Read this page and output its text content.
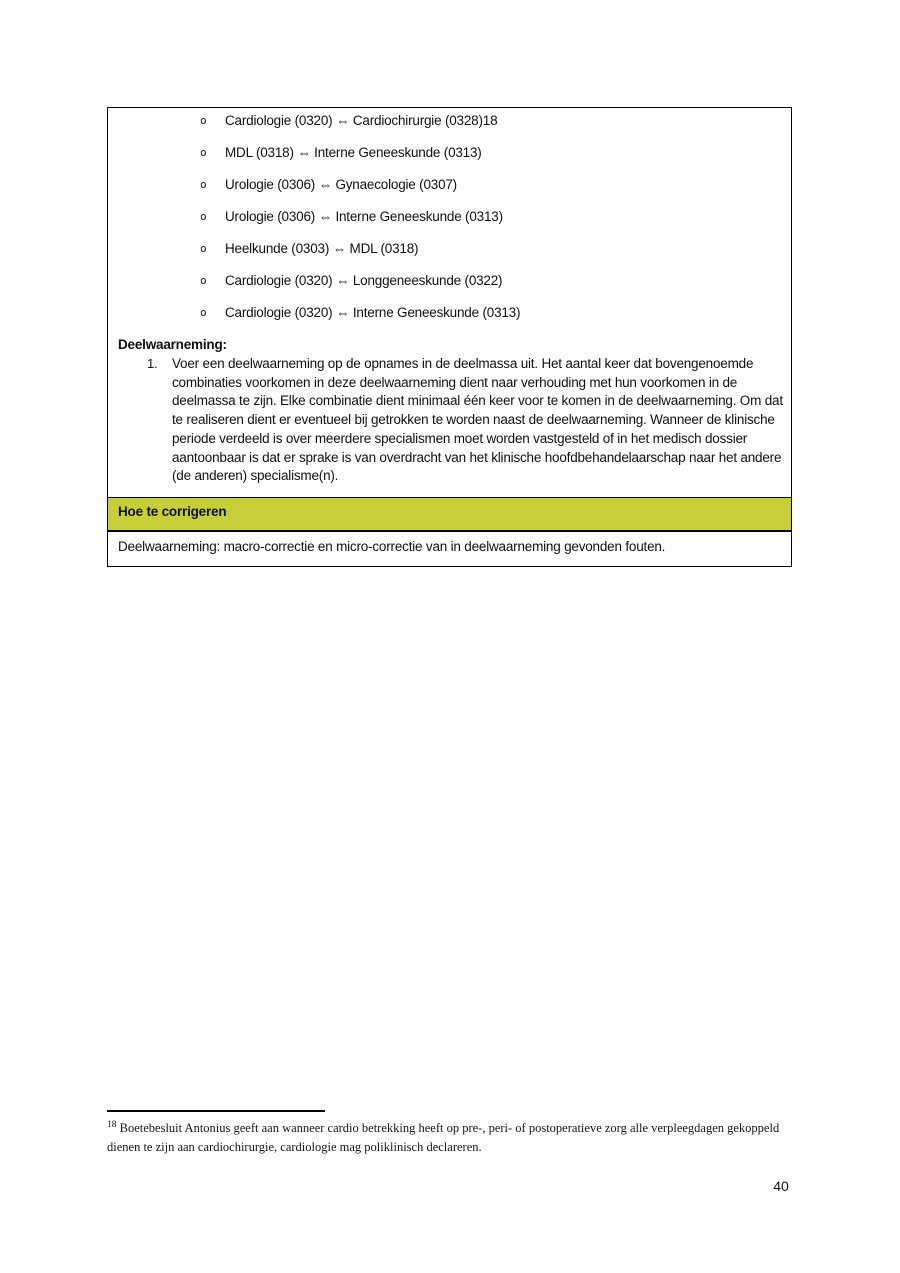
o Cardiologie (0320) ⇔ Cardiochirurgie (0328)18
o MDL (0318) ⇔ Interne Geneeskunde (0313)
o Urologie (0306) ⇔ Gynaecologie (0307)
o Urologie (0306) ⇔ Interne Geneeskunde (0313)
o Heelkunde (0303) ⇔ MDL (0318)
o Cardiologie (0320) ⇔ Longgeneeskunde (0322)
o Cardiologie (0320) ⇔ Interne Geneeskunde (0313)
Deelwaarneming:
1.	Voer een deelwaarneming op de opnames in de deelmassa uit. Het aantal keer dat bovengenoemde combinaties voorkomen in deze deelwaarneming dient naar verhouding met hun voorkomen in de deelmassa te zijn. Elke combinatie dient minimaal één keer voor te komen in de deelwaarneming. Om dat te realiseren dient er eventueel bij getrokken te worden naast de deelwaarneming. Wanneer de klinische periode verdeeld is over meerdere specialismen moet worden vastgesteld of in het medisch dossier aantoonbaar is dat er sprake is van overdracht van het klinische hoofdbehandelaarschap naar het andere (de anderen) specialisme(n).
Hoe te corrigeren
Deelwaarneming: macro-correctie en micro-correctie van in deelwaarneming gevonden fouten.
$^{18}$ Boetebesluit Antonius geeft aan wanneer cardio betrekking heeft op pre-, peri- of postoperatieve zorg alle verpleegdagen gekoppeld dienen te zijn aan cardiochirurgie, cardiologie mag poliklinisch declareren.
40
